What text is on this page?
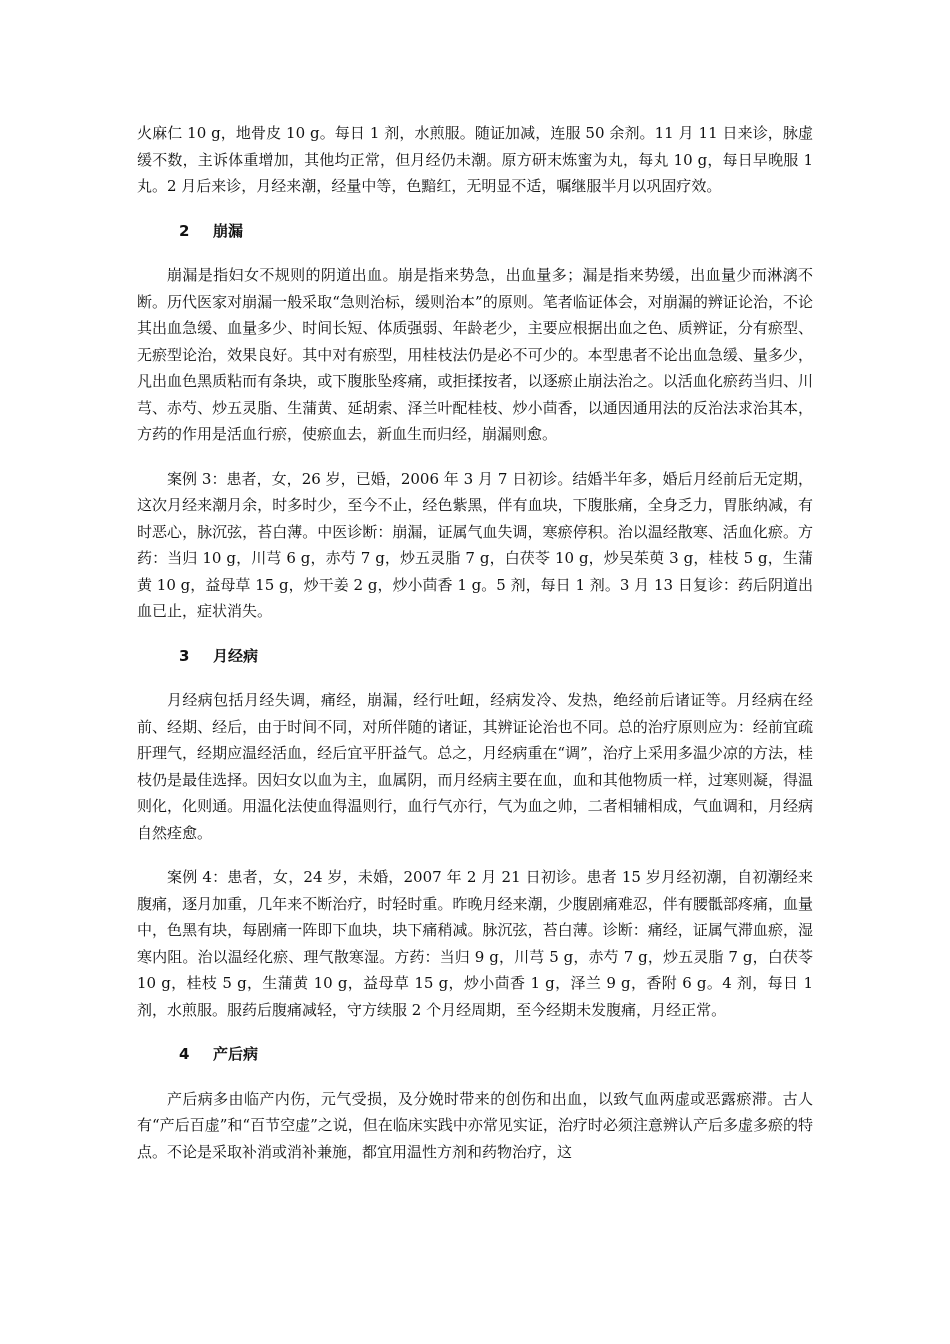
火麻仁 10 g，地骨皮 10 g。每日 1 剂，水煎服。随证加减，连服 50 余剂。11 月 11 日来诊，脉虚缓不数，主诉体重增加，其他均正常，但月经仍未潮。原方研末炼蜜为丸，每丸 10 g，每日早晚服 1 丸。2 月后来诊，月经来潮，经量中等，色黯红，无明显不适，嘱继服半月以巩固疗效。

2 崩漏

崩漏是指妇女不规则的阴道出血。崩是指来势急，出血量多；漏是指来势缓，出血量少而淋漓不断。历代医家对崩漏一般采取“急则治标，缓则治本”的原则。笔者临证体会，对崩漏的辨证论治，不论其出血急缓、血量多少、时间长短、体质强弱、年龄老少，主要应根据出血之色、质辨证，分有瘀型、无瘀型论治，效果良好。其中对有瘀型，用桂枝法仍是必不可少的。本型患者不论出血急缓、量多少，凡出血色黑质粘而有条块，或下腹胀坠疼痛，或拒揉按者，以逐瘀止崩法治之。以活血化瘀药当归、川芎、赤芍、炒五灵脂、生蒲黄、延胡索、泽兰叶配桂枝、炒小茴香，以通因通用法的反治法求治其本，方药的作用是活血行瘀，使瘀血去，新血生而归经，崩漏则愈。

案例 3：患者，女，26 岁，已婚，2006 年 3 月 7 日初诊。结婚半年多，婚后月经前后无定期，这次月经来潮月余，时多时少，至今不止，经色紫黑，伴有血块，下腹胀痛，全身乏力，胃胀纳减，有时恶心，脉沉弦，苔白薄。中医诊断：崩漏，证属气血失调，寒瘀停积。治以温经散寒、活血化瘀。方药：当归 10 g，川芎 6 g，赤芍 7 g，炒五灵脂 7 g，白茯苓 10 g，炒吴茱萸 3 g，桂枝 5 g，生蒲黄 10 g，益母草 15 g，炒干姜 2 g，炒小茴香 1 g。5 剂，每日 1 剂。3 月 13 日复诊：药后阴道出血已止，症状消失。

3 月经病

月经病包括月经失调，痛经，崩漏，经行吐衄，经病发冷、发热，绝经前后诸证等。月经病在经前、经期、经后，由于时间不同，对所伴随的诸证，其辨证论治也不同。总的治疗原则应为：经前宜疏肝理气，经期应温经活血，经后宜平肝益气。总之，月经病重在“调”，治疗上采用多温少凉的方法，桂枝仍是最佳选择。因妇女以血为主，血属阴，而月经病主要在血，血和其他物质一样，过寒则凝，得温则化，化则通。用温化法使血得温则行，血行气亦行，气为血之帅，二者相辅相成，气血调和，月经病自然痊愈。

案例 4：患者，女，24 岁，未婚，2007 年 2 月 21 日初诊。患者 15 岁月经初潮，自初潮经来腹痛，逐月加重，几年来不断治疗，时轻时重。昨晚月经来潮，少腹剧痛难忍，伴有腰骶部疼痛，血量中，色黑有块，每剧痛一阵即下血块，块下痛稍减。脉沉弦，苔白薄。诊断：痛经，证属气滞血瘀，湿寒内阻。治以温经化瘀、理气散寒湿。方药：当归 9 g，川芎 5 g，赤芍 7 g，炒五灵脂 7 g，白茯苓 10 g，桂枝 5 g，生蒲黄 10 g，益母草 15 g，炒小茴香 1 g，泽兰 9 g，香附 6 g。4 剂，每日 1 剂，水煎服。服药后腹痛减轻，守方续服 2 个月经周期，至今经期未发腹痛，月经正常。

4 产后病

产后病多由临产内伤，元气受损，及分娩时带来的创伤和出血，以致气血两虚或恶露瘀滞。古人有“产后百虚”和“百节空虚”之说，但在临床实践中亦常见实证，治疗时必须注意辨认产后多虚多瘀的特点。不论是采取补消或消补兼施，都宜用温性方剂和药物治疗，这
